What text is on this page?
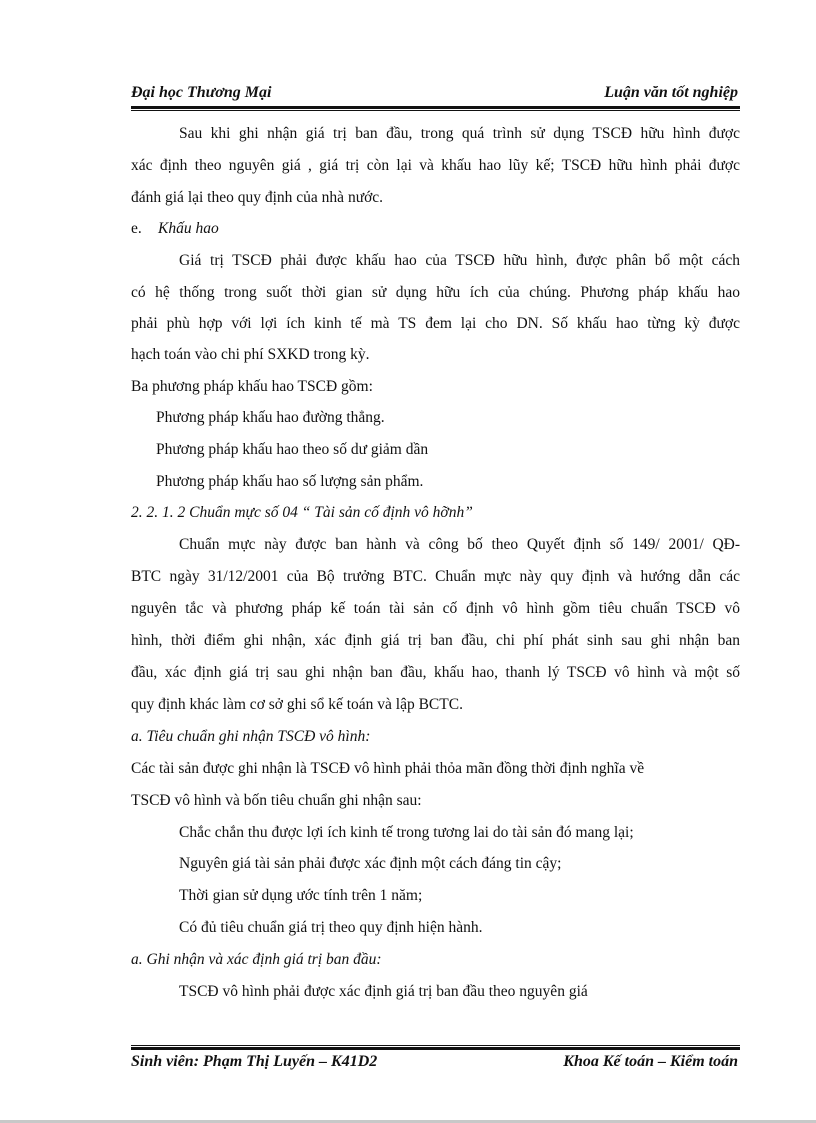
Đại học Thương Mại	Luận văn tốt nghiệp
Sau khi ghi nhận giá trị ban đầu, trong quá trình sử dụng TSCĐ hữu hình được
xác định theo nguyên giá , giá trị còn lại và khấu hao lũy kế; TSCĐ hữu hình phải được
đánh giá lại theo quy định của nhà nước.
e. Khấu hao
Giá trị TSCĐ phải được khấu hao của TSCĐ hữu hình, được phân bổ một cách
có hệ thống trong suốt thời gian sử dụng hữu ích của chúng. Phương pháp khấu hao
phải phù hợp với lợi ích kinh tế mà TS đem lại cho DN. Số khấu hao từng kỳ được
hạch toán vào chi phí SXKD trong kỳ.
Ba phương pháp khấu hao TSCĐ gồm:
Phương pháp khấu hao đường thẳng.
Phương pháp khấu hao theo số dư giảm dần
Phương pháp khấu hao số lượng sản phẩm.
2. 2. 1. 2 Chuẩn mực số 04 “ Tài sản cố định vô hỡnh”
Chuẩn mực này được ban hành và công bố theo Quyết định số 149/ 2001/ QĐ-
BTC ngày 31/12/2001 của Bộ trưởng BTC. Chuẩn mực này quy định và hướng dẫn các
nguyên tắc và phương pháp kế toán tài sản cố định vô hình gồm tiêu chuẩn TSCĐ vô
hình, thời điểm ghi nhận, xác định giá trị ban đầu, chi phí phát sinh sau ghi nhận ban
đầu, xác định giá trị sau ghi nhận ban đầu, khấu hao, thanh lý TSCĐ vô hình và một số
quy định khác làm cơ sở ghi sổ kế toán và lập BCTC.
a. Tiêu chuẩn ghi nhận TSCĐ vô hình:
Các tài sản được ghi nhận là TSCĐ vô hình phải thỏa mãn đồng thời định nghĩa về
TSCĐ vô hình và bốn tiêu chuẩn ghi nhận sau:
Chắc chắn thu được lợi ích kinh tế trong tương lai do tài sản đó mang lại;
Nguyên giá tài sản phải được xác định một cách đáng tin cậy;
Thời gian sử dụng ước tính trên 1 năm;
Có đủ tiêu chuẩn giá trị theo quy định hiện hành.
a. Ghi nhận và xác định giá trị ban đầu:
TSCĐ vô hình phải được xác định giá trị ban đầu theo nguyên giá
Sinh viên: Phạm Thị Luyến – K41D2	Khoa Kế toán – Kiểm toán
